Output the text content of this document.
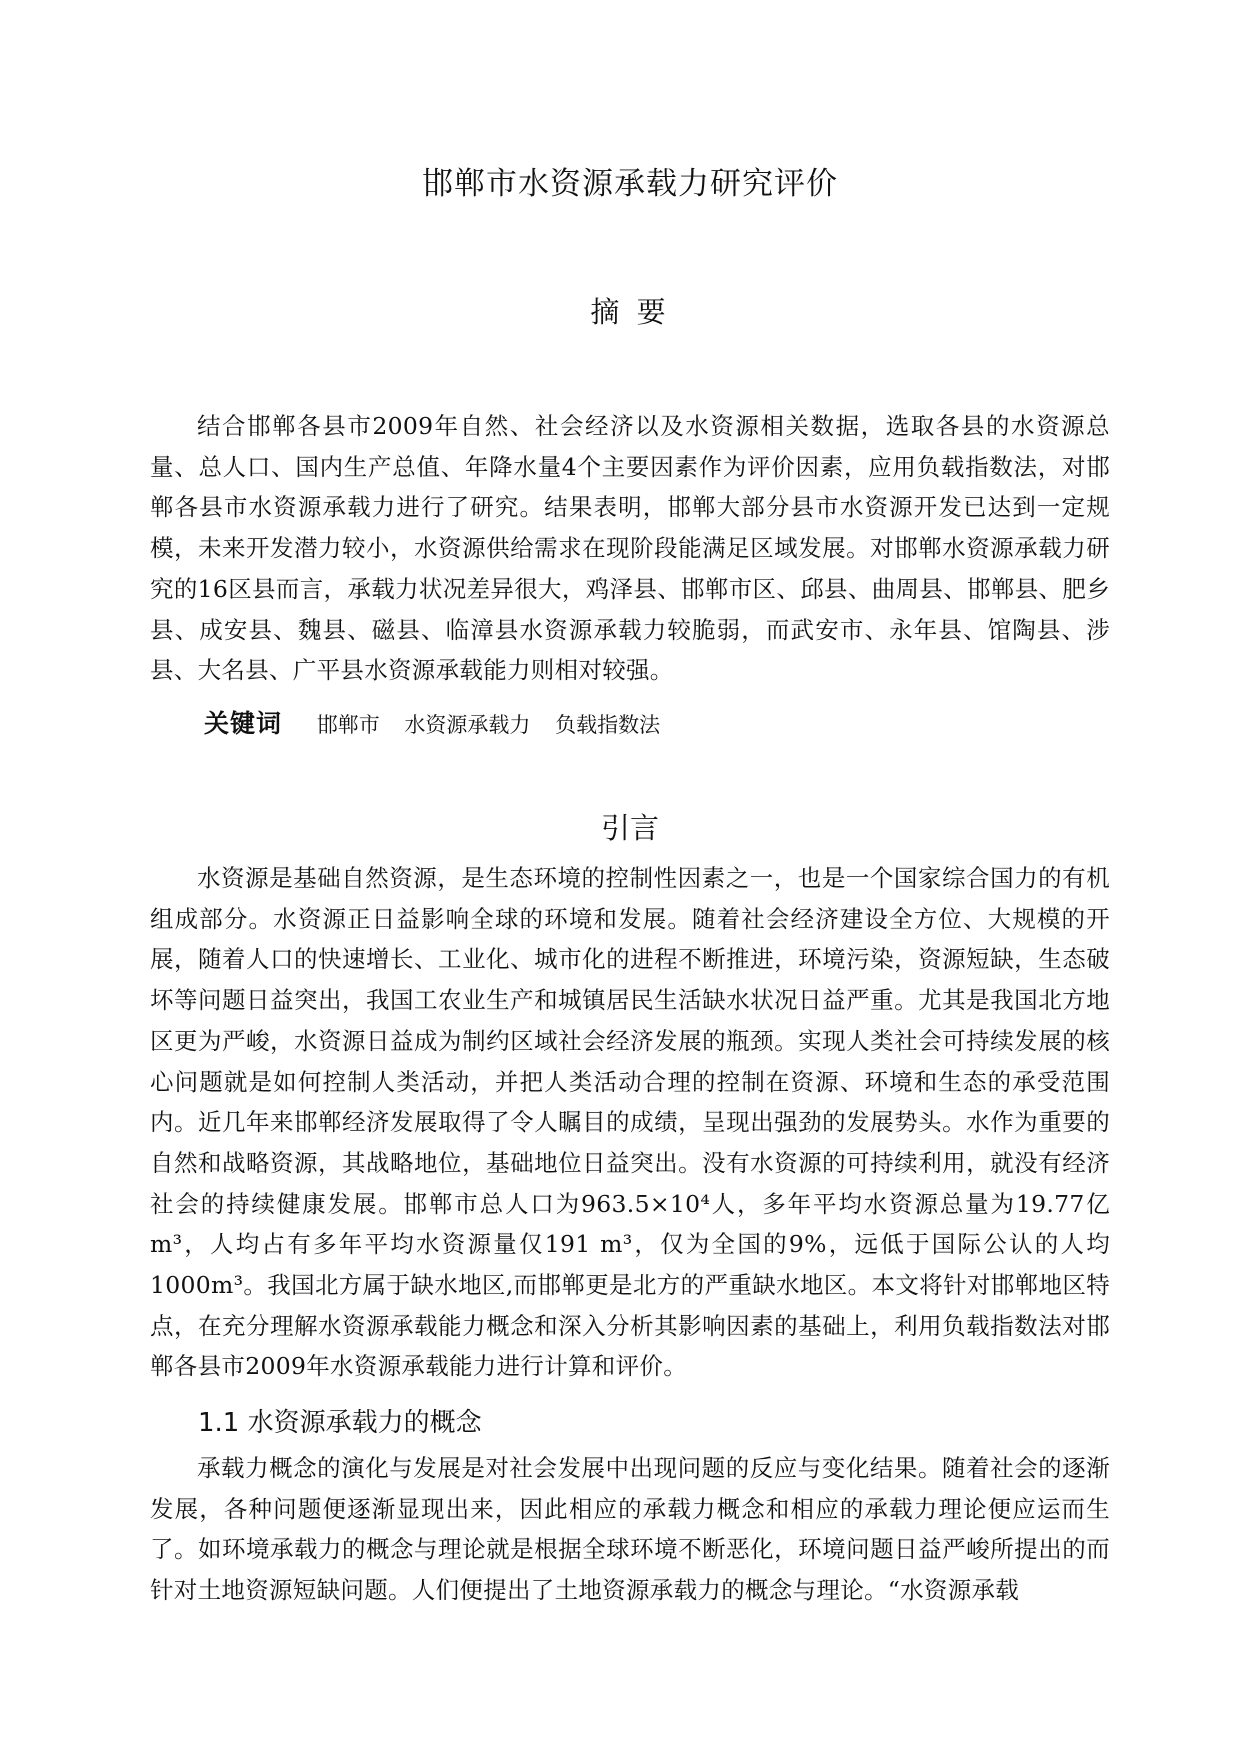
邯郸市水资源承载力研究评价
摘 要

结合邯郸各县市2009年自然、社会经济以及水资源相关数据，选取各县的水资源总量、总人口、国内生产总值、年降水量4个主要因素作为评价因素，应用负载指数法，对邯郸各县市水资源承载力进行了研究。结果表明，邯郸大部分县市水资源开发已达到一定规模，未来开发潜力较小，水资源供给需求在现阶段能满足区域发展。对邯郸水资源承载力研究的16区县而言，承载力状况差异很大，鸡泽县、邯郸市区、邱县、曲周县、邯郸县、肥乡县、成安县、魏县、磁县、临漳县水资源承载力较脆弱，而武安市、永年县、馆陶县、涉县、大名县、广平县水资源承载能力则相对较强。

关键词 邯郸市 水资源承载力 负载指数法
引言

水资源是基础自然资源，是生态环境的控制性因素之一，也是一个国家综合国力的有机组成部分。水资源正日益影响全球的环境和发展。随着社会经济建设全方位、大规模的开展，随着人口的快速增长、工业化、城市化的进程不断推进，环境污染，资源短缺，生态破坏等问题日益突出，我国工农业生产和城镇居民生活缺水状况日益严重。尤其是我国北方地区更为严峻，水资源日益成为制约区域社会经济发展的瓶颈。实现人类社会可持续发展的核心问题就是如何控制人类活动，并把人类活动合理的控制在资源、环境和生态的承受范围内。近几年来邯郸经济发展取得了令人瞩目的成绩，呈现出强劲的发展势头。水作为重要的自然和战略资源，其战略地位，基础地位日益突出。没有水资源的可持续利用，就没有经济社会的持续健康发展。邯郸市总人口为963.5×10⁴人，多年平均水资源总量为19.77亿m³，人均占有多年平均水资源量仅191 m³，仅为全国的9%，远低于国际公认的人均1000m³。我国北方属于缺水地区,而邯郸更是北方的严重缺水地区。本文将针对邯郸地区特点，在充分理解水资源承载能力概念和深入分析其影响因素的基础上，利用负载指数法对邯郸各县市2009年水资源承载能力进行计算和评价。

1.1 水资源承载力的概念

承载力概念的演化与发展是对社会发展中出现问题的反应与变化结果。随着社会的逐渐发展，各种问题便逐渐显现出来，因此相应的承载力概念和相应的承载力理论便应运而生了。如环境承载力的概念与理论就是根据全球环境不断恶化，环境问题日益严峻所提出的而针对土地资源短缺问题。人们便提出了土地资源承载力的概念与理论。“水资源承载
